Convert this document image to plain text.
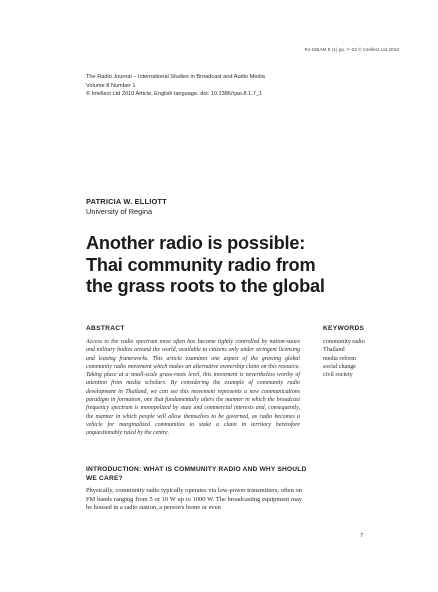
RJ-ISBAM 8 (1) pp. 7–22 © Intellect Ltd 2010
The Radio Journal – International Studies in Broadcast and Audio Media
Volume 8 Number 1
© Intellect Ltd 2010 Article. English language. doi: 10.1386/rjao.8.1.7_1
PATRICIA W. ELLIOTT
University of Regina
Another radio is possible:
Thai community radio from
the grass roots to the global
ABSTRACT
Access to the radio spectrum most often has become tightly controlled by nation-states and military bodies around the world, available to citizens only under stringent licensing and leasing frameworks. This article examines one aspect of the growing global community radio movement which makes an alternative ownership claim on this resource. Taking place at a small-scale grass-roots level, this movement is nevertheless worthy of attention from media scholars. By considering the example of community radio development in Thailand, we can see this movement represents a new communications paradigm in formation, one that fundamentally alters the manner in which the broadcast frequency spectrum is monopolized by state and commercial interests and, consequently, the manner in which people will allow themselves to be governed, as radio becomes a vehicle for marginalized communities to stake a claim in territory heretofore unquestionably ruled by the centre.
KEYWORDS
community radio
Thailand
media reform
social change
civil society
INTRODUCTION: WHAT IS COMMUNITY RADIO AND WHY SHOULD WE CARE?
Physically, community radio typically operates via low-power transmitters, often on FM bands ranging from 5 or 10 W up to 1000 W. The broadcasting equipment may be housed in a radio station, a person's home or even
7
